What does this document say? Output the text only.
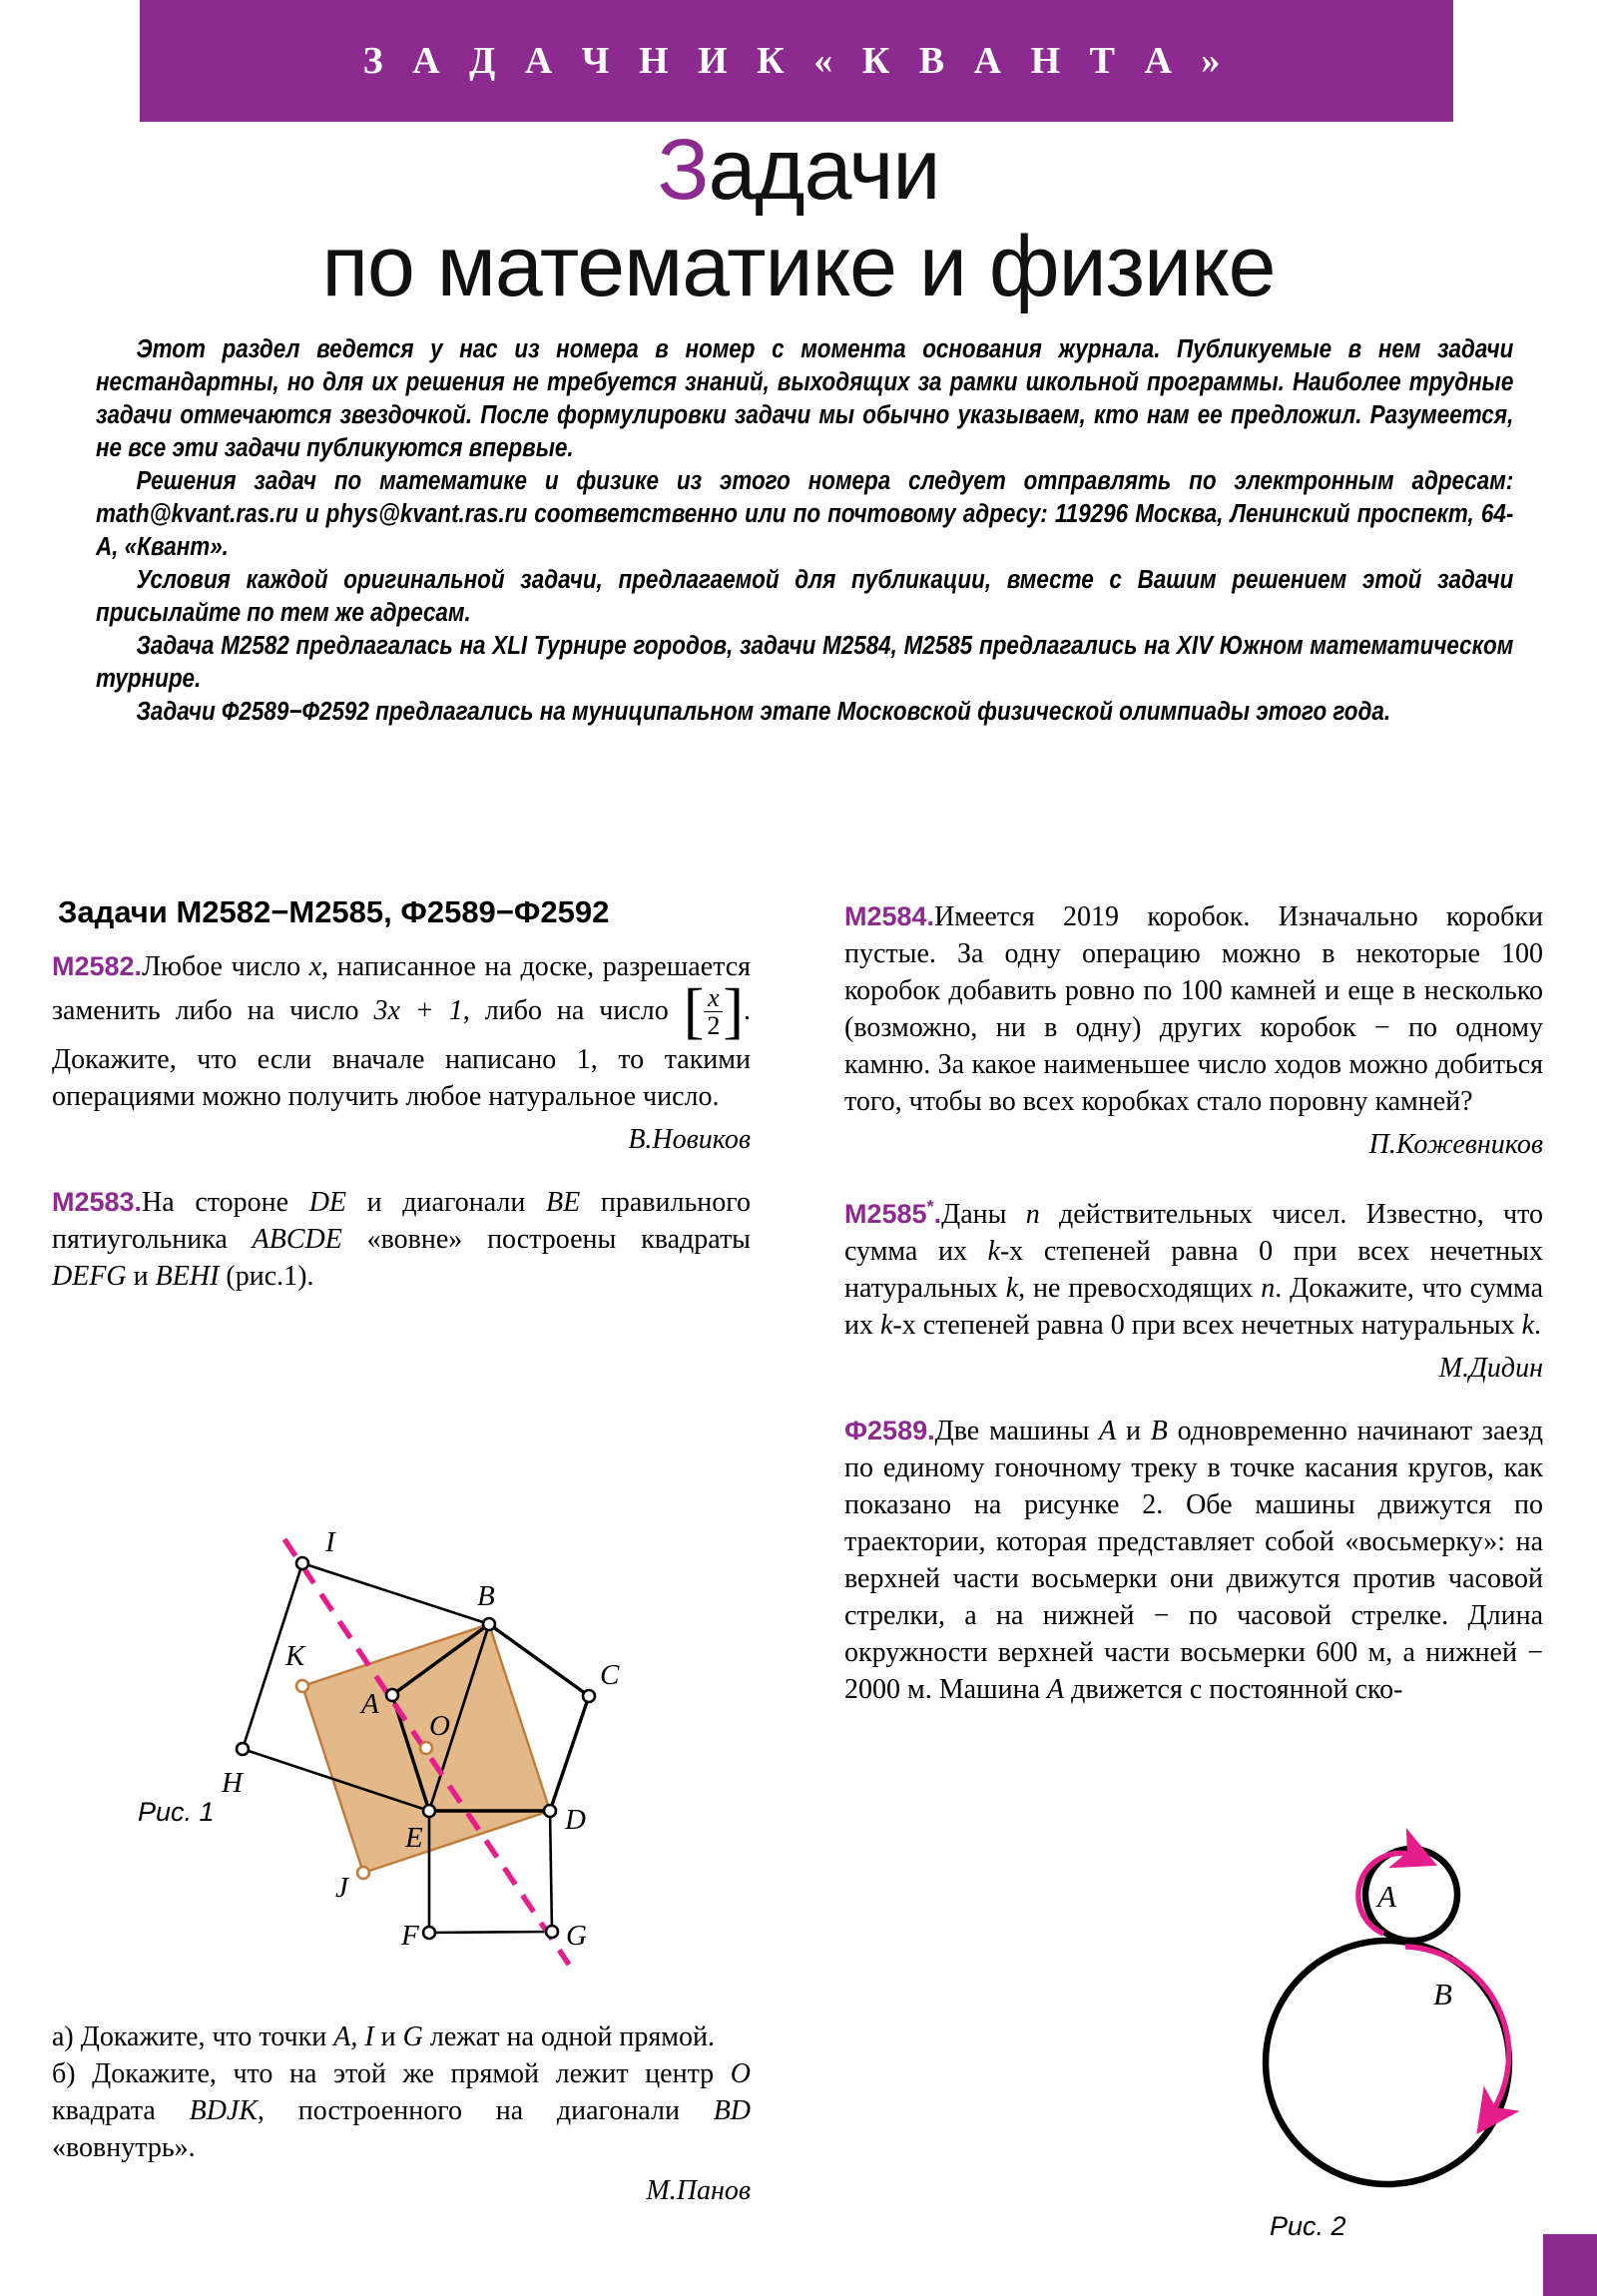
З А Д А Ч Н И К « К В А Н Т А »
Задачи
по математике и физике

Этот раздел ведется у нас из номера в номер с момента основания журнала. Публикуемые в нем задачи нестандартны, но для их решения не требуется знаний, выходящих за рамки школьной программы. Наиболее трудные задачи отмечаются звездочкой. После формулировки задачи мы обычно указываем, кто нам ее предложил. Разумеется, не все эти задачи публикуются впервые.

Решения задач по математике и физике из этого номера следует отправлять по электронным адресам: math@kvant.ras.ru и phys@kvant.ras.ru соответственно или по почтовому адресу: 119296 Москва, Ленинский проспект, 64-А, «Квант».

Условия каждой оригинальной задачи, предлагаемой для публикации, вместе с Вашим решением этой задачи присылайте по тем же адресам.

Задача М2582 предлагалась на XLI Турнире городов, задачи М2584, М2585 предлагались на XIV Южном математическом турнире.

Задачи Ф2589−Ф2592 предлагались на муниципальном этапе Московской физической олимпиады этого года.

Задачи М2582−М2585, Ф2589−Ф2592

М2582.Любое число x, написанное на доске, разрешается заменить либо на число 3x + 1, либо на число [ $\frac{x}{2}$ ]. Докажите, что если вначале написано 1, то такими операциями можно получить любое натуральное число.

В.Новиков

М2583.На стороне DE и диагонали BE правильного пятиугольника ABCDE «вовне» построены квадраты DEFG и BEHI (рис.1).

I
B
K
A
C
H
O
E
D
J
F	G
Рис. 1

а) Докажите, что точки A, I и G лежат на одной прямой.

б) Докажите, что на этой же прямой лежит центр O квадрата BDJK, построенного на диагонали BD «вовнутрь».

М.Панов

М2584.Имеется 2019 коробок. Изначально коробки пустые. За одну операцию можно в некоторые 100 коробок добавить ровно по 100 камней и еще в несколько (возможно, ни в одну) других коробок − по одному камню. За какое наименьшее число ходов можно добиться того, чтобы во всех коробках стало поровну камней?

П.Кожевников

М2585*.Даны n действительных чисел. Известно, что сумма их k-х степеней равна 0 при всех нечетных натуральных k, не превосходящих n. Докажите, что сумма их k-х степеней равна 0 при всех нечетных натуральных k.

М.Дидин

Ф2589.Две машины A и B одновременно начинают заезд по единому гоночному треку в точке касания кругов, как показано на рисунке 2. Обе машины движутся по траектории, которая представляет собой «восьмерку»: на верхней части восьмерки они движутся против часовой стрелки, а на нижней − по часовой стрелке. Длина окружности верхней части восьмерки 600 м, а нижней − 2000 м. Машина A движется с постоянной ско-

A
B
Рис. 2
